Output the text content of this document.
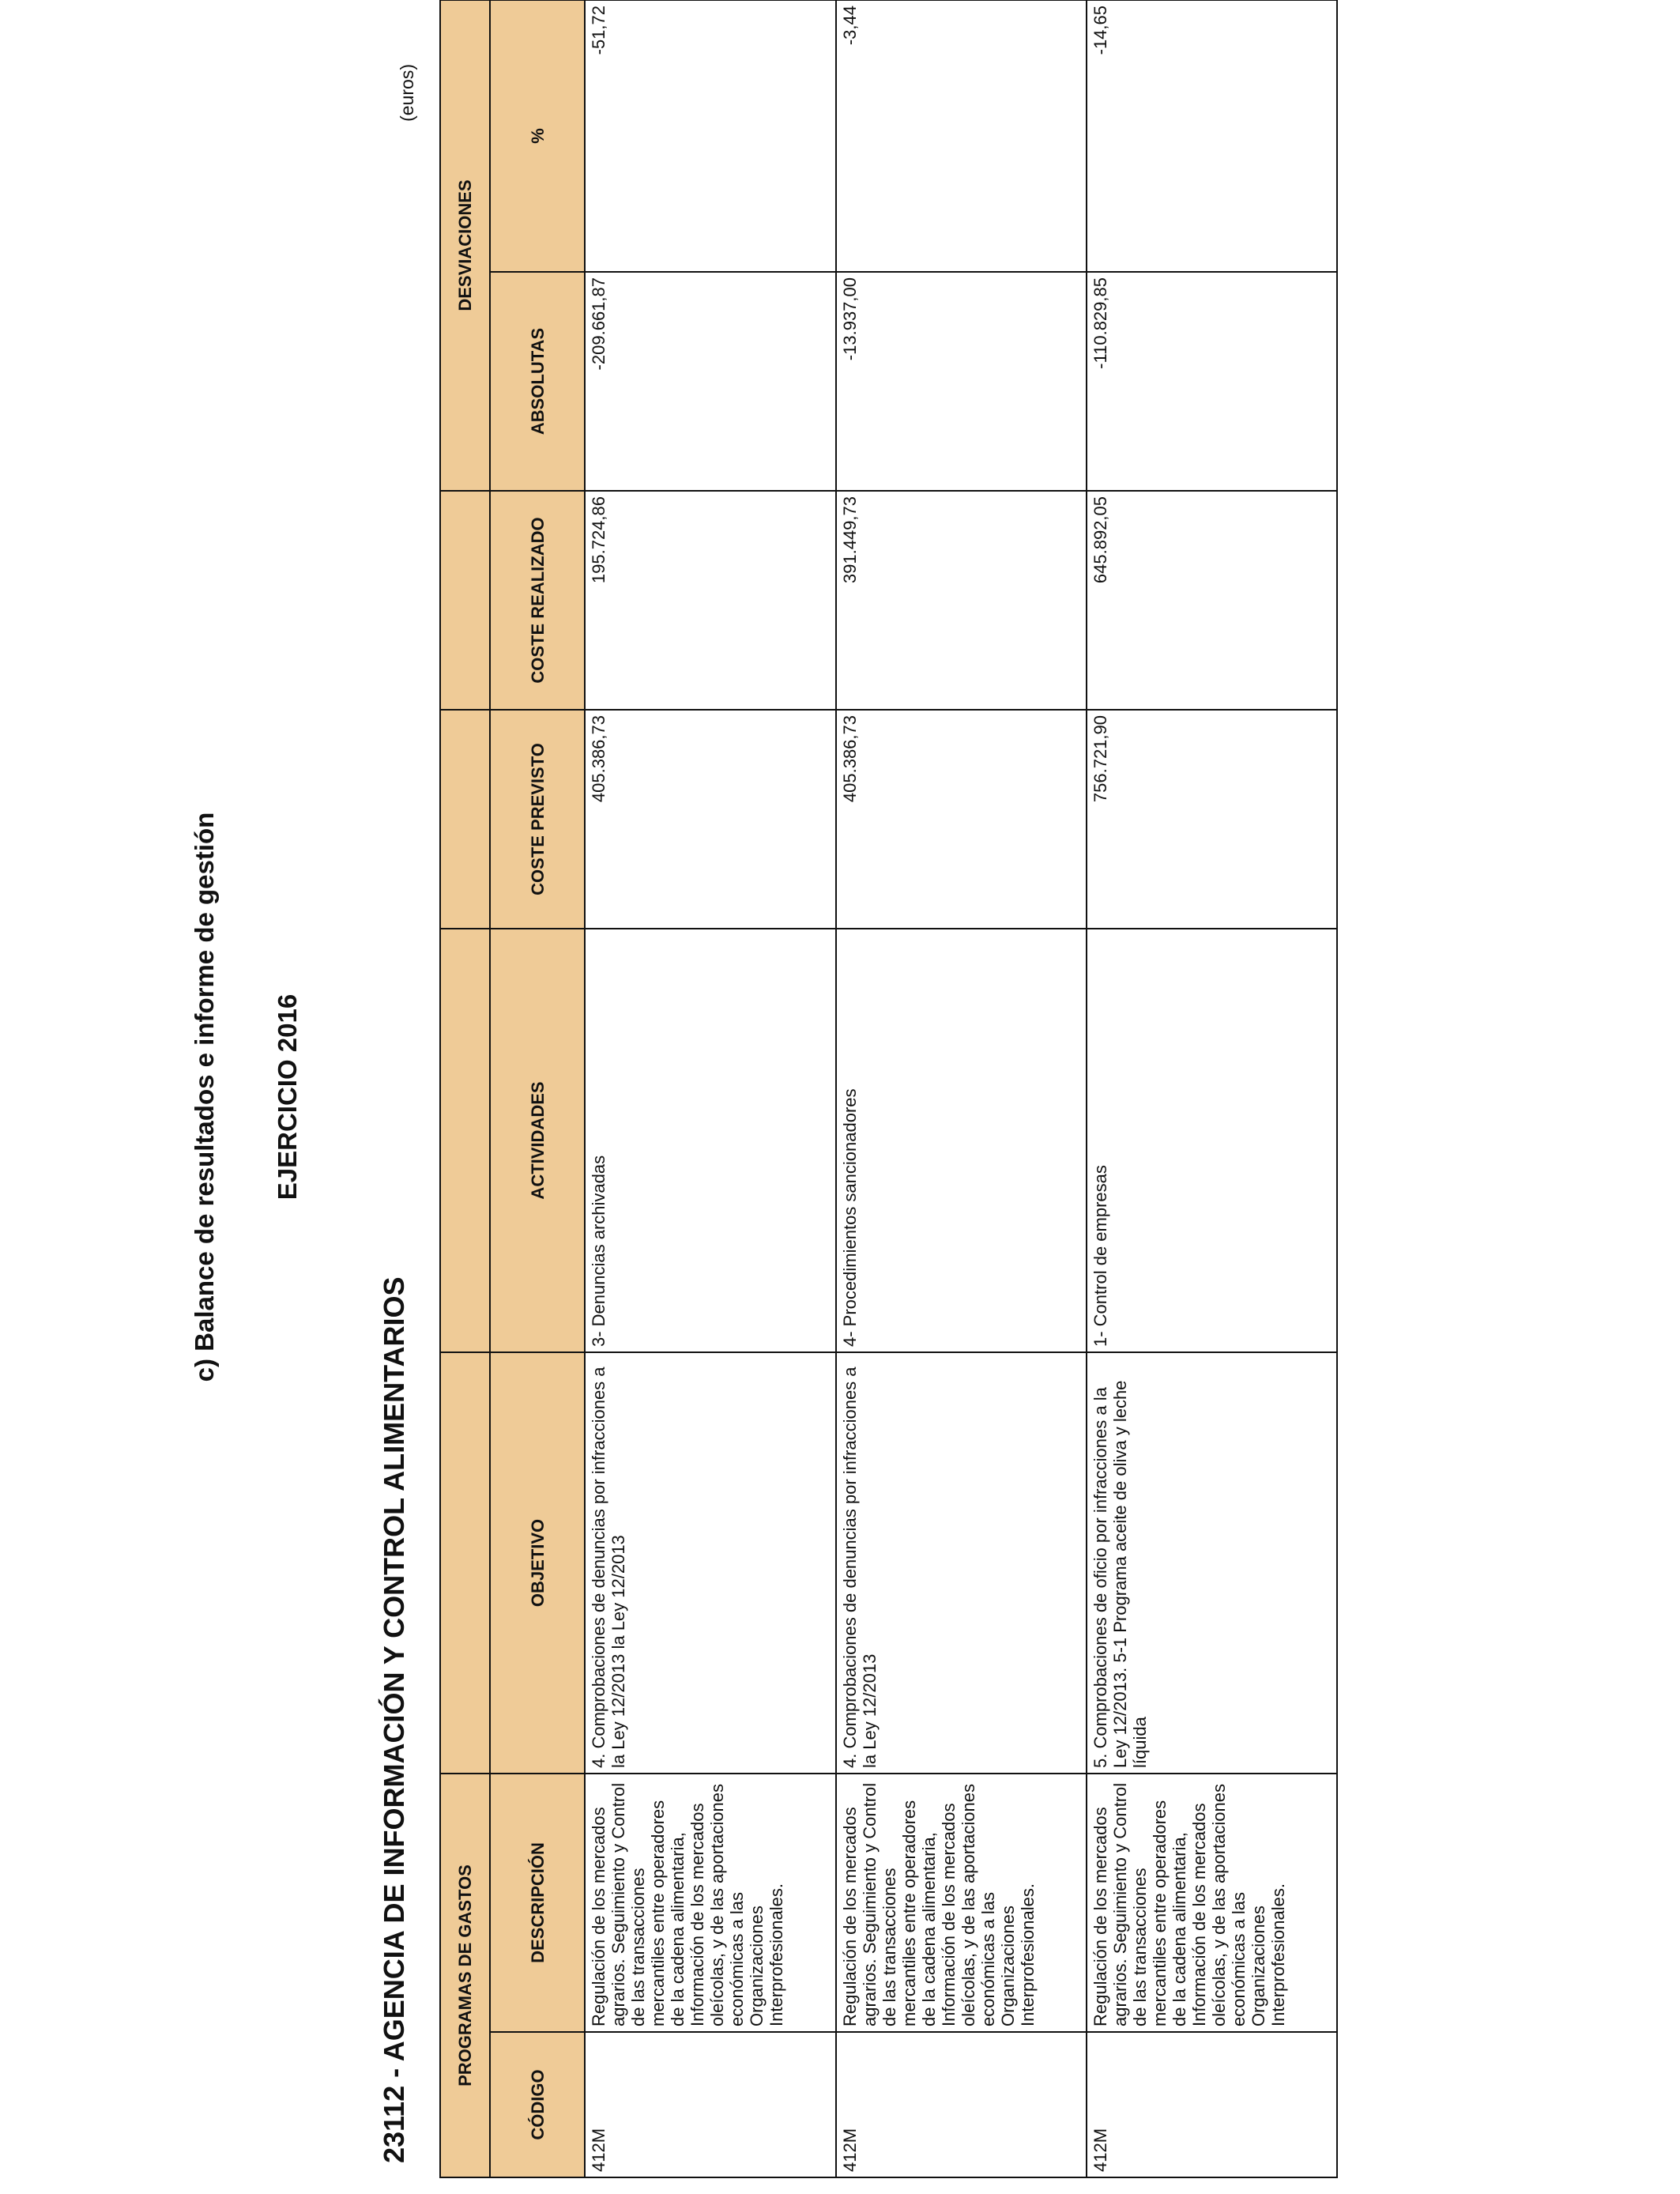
c) Balance de resultados e informe de gestión EJERCICIO 2016
23112 - AGENCIA DE INFORMACIÓN Y CONTROL ALIMENTARIOS
(euros)
PROGRAMAS DE GASTOS						DESVIACIONES	
CÓDIGO	DESCRIPCIÓN	OBJETIVO	ACTIVIDADES	COSTE PREVISTO	COSTE REALIZADO	ABSOLUTAS	%
412M	Regulación de los mercados agrarios. Seguimiento y Control de las transacciones mercantiles entre operadores de la cadena alimentaria, Información de los mercados oleícolas, y de las aportaciones económicas a las Organizaciones Interprofesionales.	4. Comprobaciones de denuncias por infracciones a la Ley 12/2013 la Ley 12/2013	3- Denuncias archivadas	405.386,73	195.724,86	-209.661,87	-51,72
412M	Regulación de los mercados agrarios. Seguimiento y Control de las transacciones mercantiles entre operadores de la cadena alimentaria, Información de los mercados oleícolas, y de las aportaciones económicas a las Organizaciones Interprofesionales.	4. Comprobaciones de denuncias por infracciones a la Ley 12/2013	4- Procedimientos sancionadores	405.386,73	391.449,73	-13.937,00	-3,44
412M	Regulación de los mercados agrarios. Seguimiento y Control de las transacciones mercantiles entre operadores de la cadena alimentaria, Información de los mercados oleícolas, y de las aportaciones económicas a las Organizaciones Interprofesionales.	5. Comprobaciones de oficio por infracciones a la Ley 12/2013. 5-1 Programa aceite de oliva y leche líquida	1- Control de empresas	756.721,90	645.892,05	-110.829,85	-14,65
